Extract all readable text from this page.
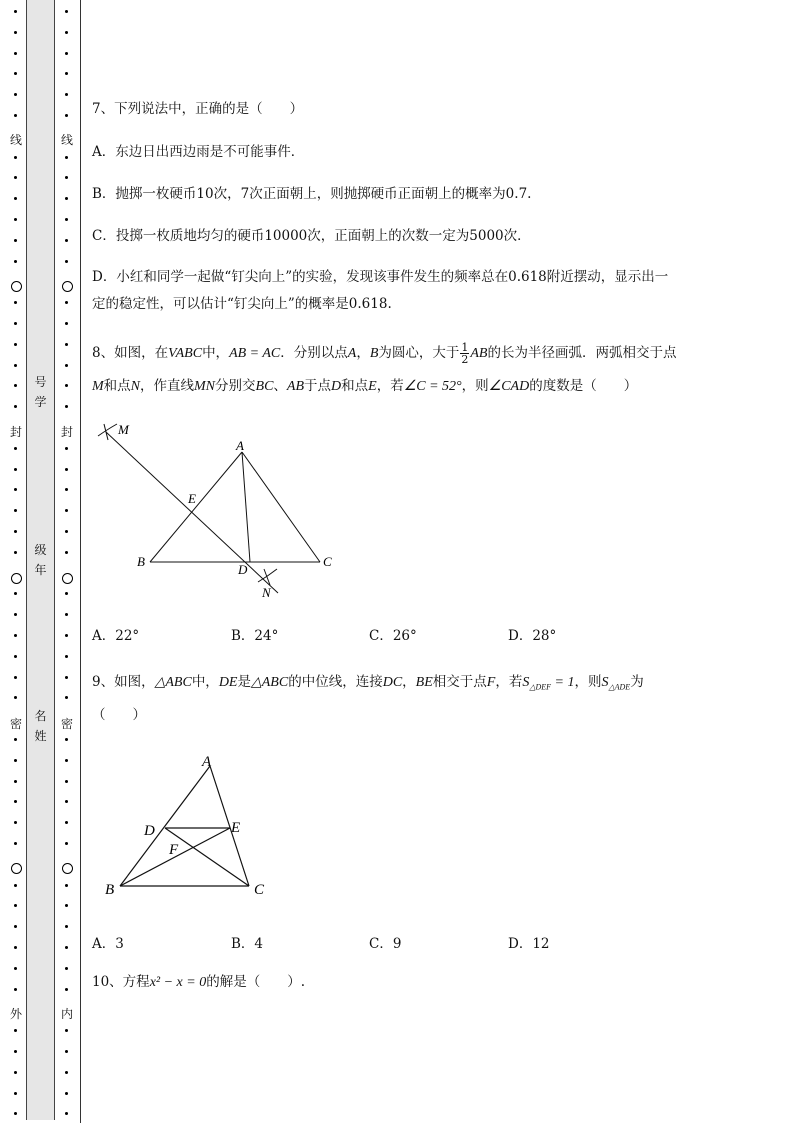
线
封
密
外
号
学
级
年
名
姓
线
封
密
内
7、下列说法中，正确的是（　　）
A．东边日出西边雨是不可能事件．
B．抛掷一枚硬币10次，7次正面朝上，则抛掷硬币正面朝上的概率为0.7.
C．投掷一枚质地均匀的硬币10000次，正面朝上的次数一定为5000次．
D．小红和同学一起做“钉尖向上”的实验，发现该事件发生的频率总在0.618附近摆动，显示出一
定的稳定性，可以估计“钉尖向上”的概率是0.618.
8、如图，在VABC中，AB = AC．分别以点A，B为圆心，大于 $\frac{1}{2}$ AB的长为半径画弧．两弧相交于点
M和点N，作直线MN分别交BC、AB于点D和点E，若∠C = 52°，则∠CAD的度数是（　　）
M
A
E
B
D
C
N
A．22°	B．24°	C．26°	D．28°
9、如图，△ABC中，DE是△ABC的中位线，连接DC，BE相交于点F，若$S_{\triangle DEF} = 1$，则$S_{\triangle ADE}$为
（　　）
A
D	E
F
B	C
A．3	B．4	C．9	D．12
10、方程x² − x = 0的解是（　　）.
